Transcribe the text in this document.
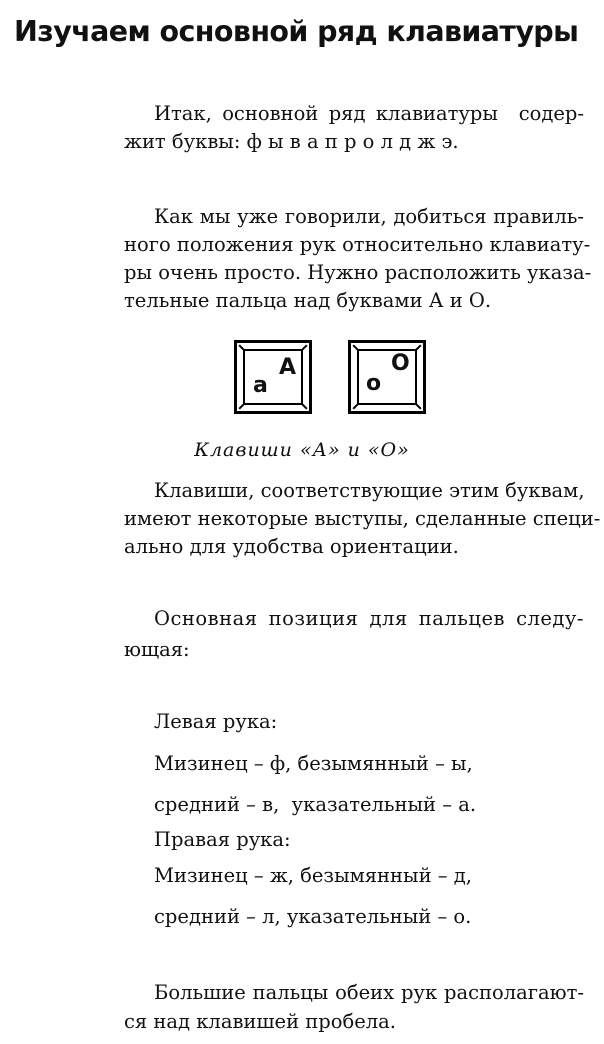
Изучаем основной ряд клавиатуры
Итак, основной ряд клавиатуры  содер-
жит буквы: ф ы в а п р о л д ж э.
Как мы уже говорили, добиться правиль-
ного положения рук относительно клавиату-
ры очень просто. Нужно расположить указа-
тельные пальца над буквами А и О.
A
a
O
o
Клавиши «А» и «О»
Клавиши, соответствующие этим буквам,
имеют некоторые выступы, сделанные специ-
ально для удобства ориентации.
Основная позиция для пальцев следу-
ющая:
Левая рука:
Мизинец – ф, безымянный – ы,
средний – в,  указательный – а.
Правая рука:
Мизинец – ж, безымянный – д,
средний – л, указательный – о.
Большие пальцы обеих рук располагают-
ся над клавишей пробела.
